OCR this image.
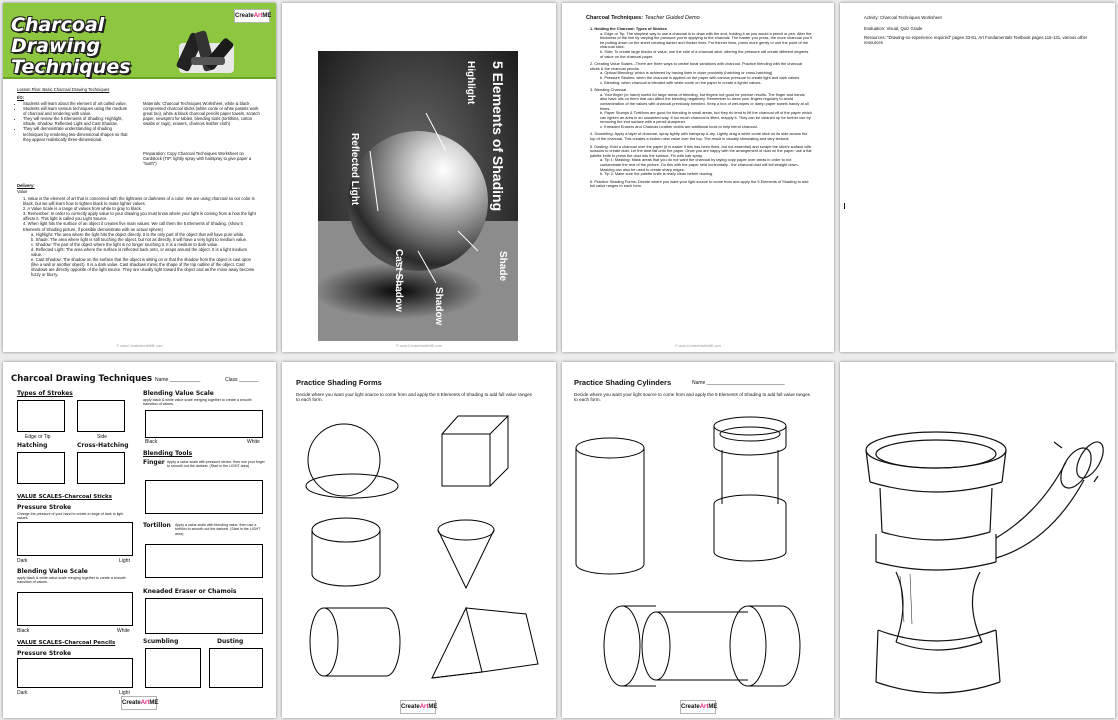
Charcoal Drawing Techniques
CreateArtME
Lesson Plan: Basic Charcoal Drawing Techniques
I/O:
• Students will learn about the element of art called value.
• Students will learn various techniques using the medium of charcoal and rendering with value.
• They will review the 5 Elements of Shading: Highlight, Shade, Shadow, Reflected Light and Cast Shadow.
• They will demonstrate understanding of shading techniques by rendering two-dimensional shapes so that they appear realistically three-dimensional.
Materials: Charcoal Techniques Worksheet, white & black compressed charcoal sticks (white conte or white pastels work great too), white & black charcoal pencils paper towels, scratch paper, newsprint for tables, blending tools (tortillons, cotton swabs or rags), erasers, chamois leather cloth)
Preparation: Copy Charcoal Techniques Worksheet on Cardstock (TIP: lightly spray with hairspray to give paper a "tooth")
Delivery:
Value
1. Value is the element of art that is concerned with the lightness or darkness of a color. We are using charcoal so our color is black, but we will learn how to lighten black to make lighter values.
2. A Value Scale is a range of values from white to gray to black.
3. Remember: In order to correctly apply value to your drawing you must know where your light is coming from & how the light affects it. This light is called you Light Source.
4. When light hits the surface of an object it creates five main values. We call them the 5 Elements of Shading. (show 5 Elements of Shading picture, if possible demonstrate with an actual sphere)
a. Highlight: The area where the light hits the object directly. It is the only part of the object that will have pure white.
b. Shade: The area where light is still touching the object, but not as directly. It will have a very light to medium value.
c. Shadow: The part of the object where the light is no longer touching it. It is a medium to dark value.
d. Reflected Light: The area where the surface is reflected back onto, or wraps around the object. It is a light medium value.
e. Cast Shadow: The shadow on the surface that the object is sitting on or that the shadow from the object is cast upon (like a wall or another object). It is a dark value. Cast shadows mimic the shape of the top outline of the object. Cast shadows are directly opposite of the light source. They are usually light toward the object and as the move away become fuzzy or blurry.
© www.CreateArtwithME.com
5 Elements of Shading
Highlight
Reflected Light
Shade
Shadow
Cast Shadow
© www.CreateArtwithME.com
Charcoal Techniques: Teacher Guided Demo
1. Holding the Charcoal: Types of Strokes
a. Edge or Tip: The simplest way to use a charcoal is to draw with the end, holding it as you would a pencil or pen. Alter the thickness of the line by varying the pressure you're applying to the charcoal. The harder you press, the more charcoal you'll be putting down on the sheet creating darker and thicker lines. For thinner lines, press more gently or use the point of the charcoal stick.
b. Side: To create large blocks of value, use the side of a charcoal stick, altering the pressure will create different degrees of value on the charcoal paper.
2. Creating Value Scales –There are three ways to create tonal variations with charcoal. Practice blending with the charcoal sticks & the charcoal pencils.
a. Optical Blending: which is achieved by having lines in close proximity (hatching or cross-hatching)
b. Pressure Strokes: when the charcoal is applied on the paper with various pressure to create light and dark values
c. Blending: when charcoal is blended with white conte on the paper to create a lighter values.
3. Blending Charcoal
a. Your finger (or hand) useful for large areas of blending, but fingers not good for precise results. The finger and hands also have oils on them that can affect the blending negatively. Remember to clean your fingers regularly to avoid contamination of the values with charcoal previously blended. Keep a box of wet-wipes or damp paper towels handy at all times.
b. Paper Stumps & Tortillons are good for blending in small areas, but they do tend to lift the charcoal off of the paper which can lighten an area in an unwanted way. If too much charcoal is lifted, reapply it. They can be cleaned up for further use by removing the end surface with a pencil sharpener.
c. Kneaded Erasers and Chamois Leather cloths are additional tools to help blend charcoal.
4. Scumbling: Apply a layer of charcoal, spray lightly with hairspray & dry. Lightly drag a white conte stick on its side across the top of the charcoal. This creates a broken new value over the top. The result is visually stimulating and very textural.
5. Dusting: Hold a charcoal over the paper (it is easier if this has been fixed, but not essential) and scrape the stick's surface with scissors to create dust. Let the dust fall onto the paper. Once you are happy with the arrangement of dust on the paper, use a flat palette knife to press the dust into the surface. Fix with hair spray.
a. Tip 1: Masking: Mask areas that you do not want the charcoal by laying copy paper over areas in order to not contaminate the rest of the picture. Do this with the paper held horizontally - the charcoal dust will fall straight down. Masking can also be used to create sharp edges.
b. Tip 2: Make sure the palette knife is really clean before dusting.
6. Practice Shading Forms: Decide where you want your light source to come from and apply the 5 Elements of Shading to add full value ranges to each form.
© www.CreateArtwithME.com
Activity: Charcoal Techniques Worksheet
Evaluation: Visual, Quiz Grade
Resources: "Drawing-no experience required" pages 33-81, Art Fundamentals Textbook pages 116-131, various other resources
Charcoal Drawing Techniques Name ___________	Class _______
Types of Strokes
Edge or Tip	Side
Hatching	Cross-Hatching
VALUE SCALES-Charcoal Sticks
Pressure Stroke
Change the pressure of your hand to create a range of dark to light values.
Dark	Light
Blending Value Scale
apply black & white value scale merging together to create a smooth transition of values.
Black	White
VALUE SCALES-Charcoal Pencils
Pressure Stroke
Dark	Light
Blending Value Scale
apply black & white value scale merging together to create a smooth transition of values.
Black	White
Blending Tools
Finger Apply a value scale with pressure stroke, then use your finger to smooth out the darkest. (Start in the LIGHT area)
Tortillon Apply a value scale with blending value, then use a tortillon to smooth out the darkest. (Start in the LIGHT area)
Kneaded Eraser or Chamois
Scumbling	Dusting
CreateArtME
Practice Shading Forms
Decide where you want your light source to come from and apply the 5 Elements of Shading to add full value ranges to each form.
CreateArtME
Practice Shading Cylinders	Name ____________________________
Decide where you want your light source to come from and apply the 5 Elements of Shading to add full value ranges to each form.
CreateArtME
